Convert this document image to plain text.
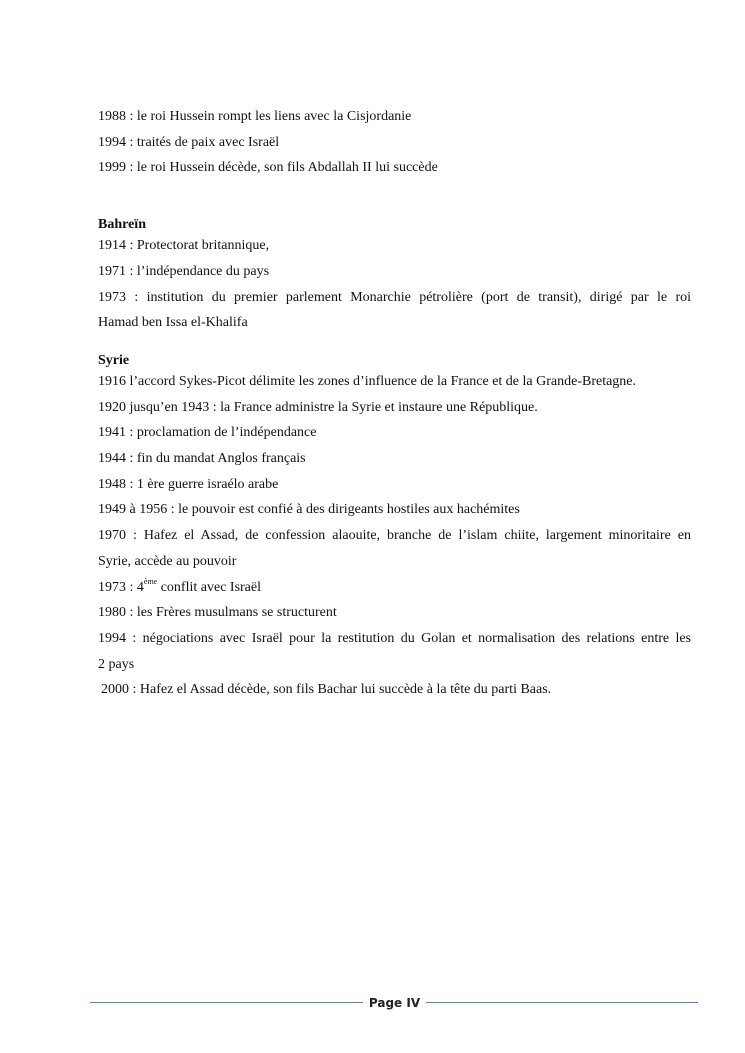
1988 : le roi Hussein rompt les liens avec la Cisjordanie
1994 : traités de paix avec Israël
1999 : le roi Hussein décède, son fils Abdallah II lui succède
Bahreïn
1914 : Protectorat britannique,
1971 : l’indépendance du pays
1973 : institution du premier parlement Monarchie pétrolière (port de transit), dirigé par le roi
Hamad ben Issa el-Khalifa
Syrie
1916 l’accord Sykes-Picot délimite les zones d’influence de la France et de la Grande-Bretagne.
1920 jusqu’en 1943 : la France administre la Syrie et instaure une République.
1941 : proclamation de l’indépendance
1944 : fin du mandat Anglos français
1948 : 1 ère guerre israélo arabe
1949 à 1956 : le pouvoir est confié à des dirigeants hostiles aux hachémites
1970 : Hafez el Assad, de confession alaouite, branche de l’islam chiite, largement minoritaire en
Syrie, accède au pouvoir
1973 : 4ème conflit avec Israël
1980 : les Frères musulmans se structurent
1994 : négociations avec Israël pour la restitution du Golan et normalisation des relations entre les
2 pays
2000 : Hafez el Assad décède, son fils Bachar lui succède à la tête du parti Baas.
Page IV
